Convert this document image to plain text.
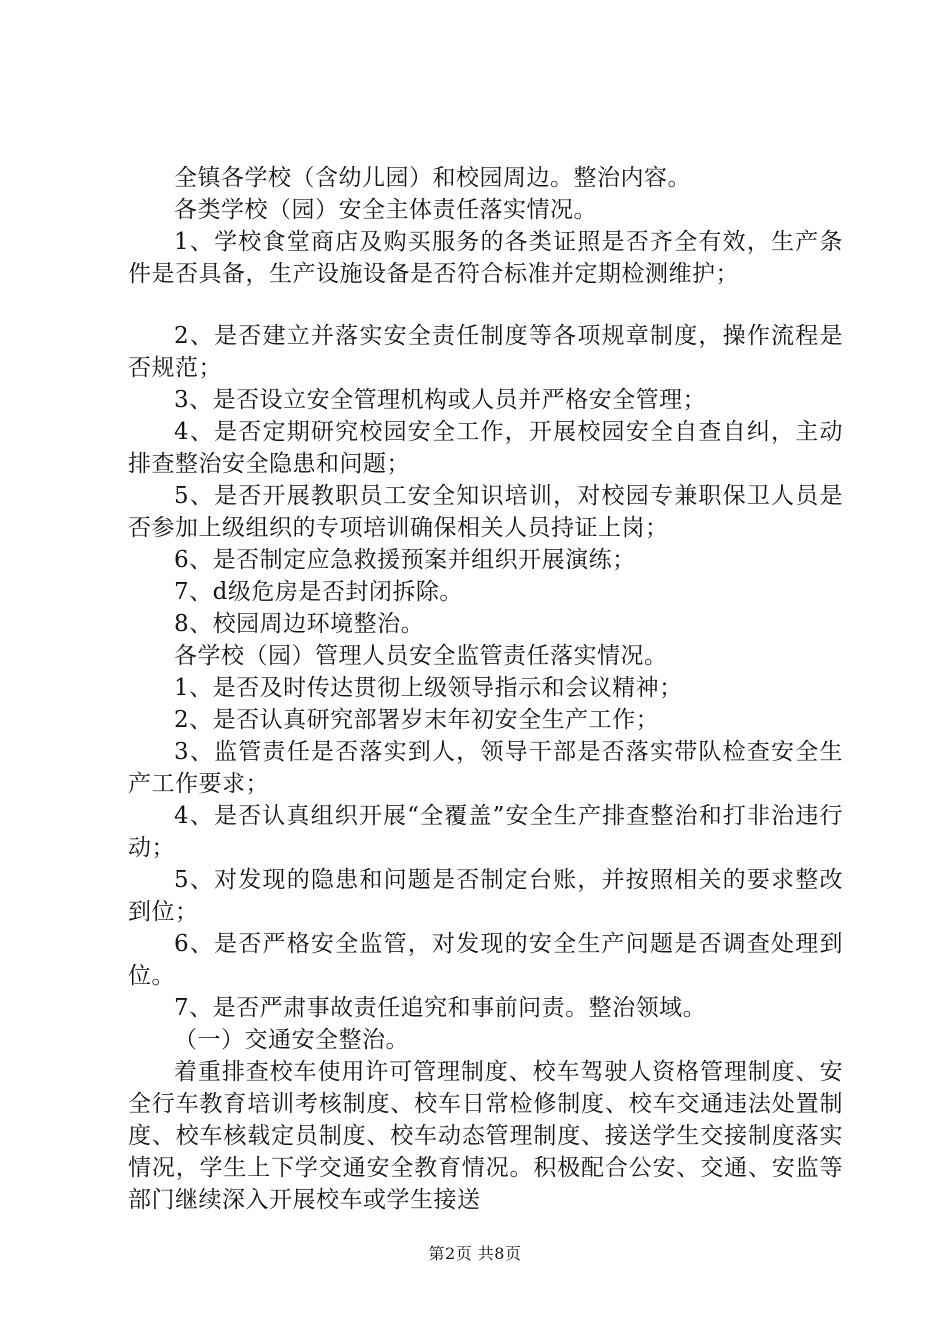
全镇各学校（含幼儿园）和校园周边。整治内容。

各类学校（园）安全主体责任落实情况。

1、学校食堂商店及购买服务的各类证照是否齐全有效，生产条件是否具备，生产设施设备是否符合标准并定期检测维护；

2、是否建立并落实安全责任制度等各项规章制度，操作流程是否规范；

3、是否设立安全管理机构或人员并严格安全管理；

4、是否定期研究校园安全工作，开展校园安全自查自纠，主动排查整治安全隐患和问题；

5、是否开展教职员工安全知识培训，对校园专兼职保卫人员是否参加上级组织的专项培训确保相关人员持证上岗；

6、是否制定应急救援预案并组织开展演练；

7、d级危房是否封闭拆除。

8、校园周边环境整治。

各学校（园）管理人员安全监管责任落实情况。

1、是否及时传达贯彻上级领导指示和会议精神；

2、是否认真研究部署岁末年初安全生产工作；

3、监管责任是否落实到人，领导干部是否落实带队检查安全生产工作要求；

4、是否认真组织开展“全覆盖”安全生产排查整治和打非治违行动；

5、对发现的隐患和问题是否制定台账，并按照相关的要求整改到位；

6、是否严格安全监管，对发现的安全生产问题是否调查处理到位。

7、是否严肃事故责任追究和事前问责。整治领域。

（一）交通安全整治。

着重排查校车使用许可管理制度、校车驾驶人资格管理制度、安全行车教育培训考核制度、校车日常检修制度、校车交通违法处置制度、校车核载定员制度、校车动态管理制度、接送学生交接制度落实情况，学生上下学交通安全教育情况。积极配合公安、交通、安监等部门继续深入开展校车或学生接送

第2页 共8页
